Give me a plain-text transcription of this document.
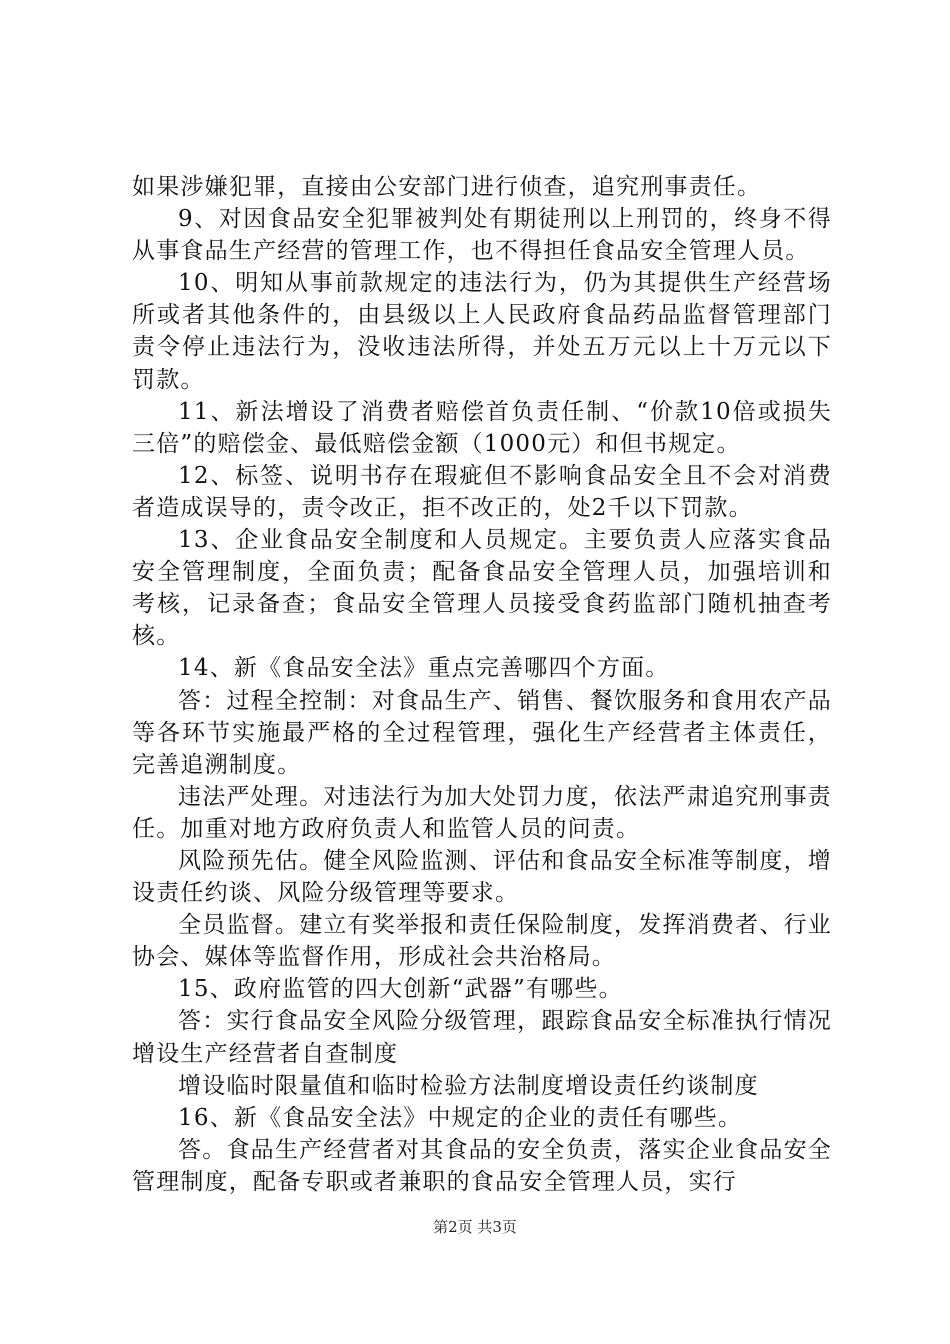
如果涉嫌犯罪，直接由公安部门进行侦查，追究刑事责任。

9、对因食品安全犯罪被判处有期徒刑以上刑罚的，终身不得从事食品生产经营的管理工作，也不得担任食品安全管理人员。

10、明知从事前款规定的违法行为，仍为其提供生产经营场所或者其他条件的，由县级以上人民政府食品药品监督管理部门责令停止违法行为，没收违法所得，并处五万元以上十万元以下罚款。

11、新法增设了消费者赔偿首负责任制、“价款10倍或损失三倍”的赔偿金、最低赔偿金额（1000元）和但书规定。

12、标签、说明书存在瑕疵但不影响食品安全且不会对消费者造成误导的，责令改正，拒不改正的，处2千以下罚款。

13、企业食品安全制度和人员规定。主要负责人应落实食品安全管理制度，全面负责；配备食品安全管理人员，加强培训和考核，记录备查；食品安全管理人员接受食药监部门随机抽查考核。

14、新《食品安全法》重点完善哪四个方面。

答：过程全控制：对食品生产、销售、餐饮服务和食用农产品等各环节实施最严格的全过程管理，强化生产经营者主体责任，完善追溯制度。

违法严处理。对违法行为加大处罚力度，依法严肃追究刑事责任。加重对地方政府负责人和监管人员的问责。

风险预先估。健全风险监测、评估和食品安全标准等制度，增设责任约谈、风险分级管理等要求。

全员监督。建立有奖举报和责任保险制度，发挥消费者、行业协会、媒体等监督作用，形成社会共治格局。

15、政府监管的四大创新“武器”有哪些。

答：实行食品安全风险分级管理，跟踪食品安全标准执行情况增设生产经营者自查制度

增设临时限量值和临时检验方法制度增设责任约谈制度

16、新《食品安全法》中规定的企业的责任有哪些。

答。食品生产经营者对其食品的安全负责，落实企业食品安全管理制度，配备专职或者兼职的食品安全管理人员，实行

第2页 共3页
